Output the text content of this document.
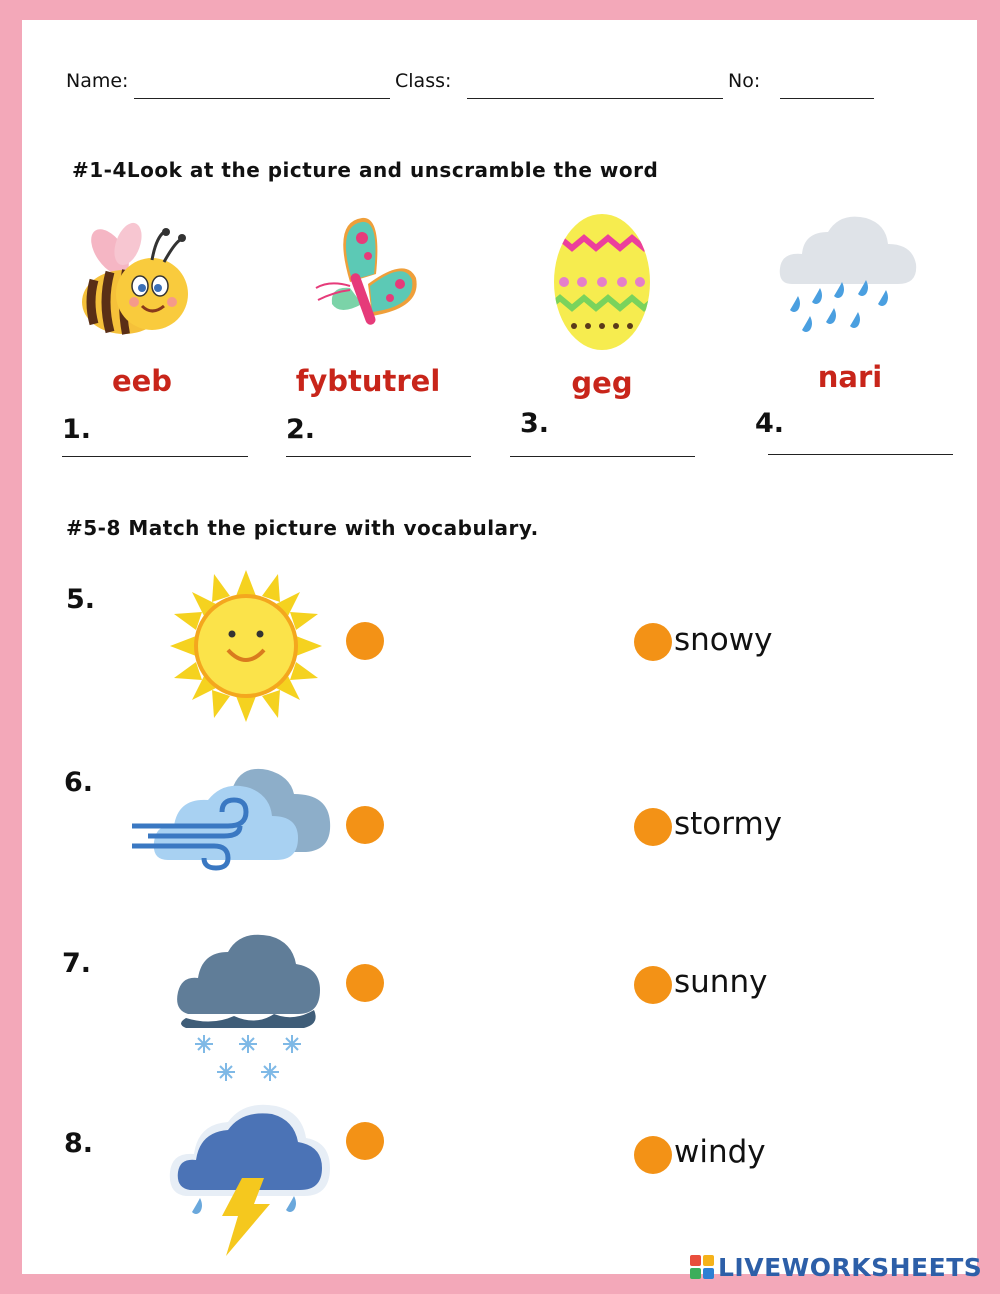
Name:	Class:	No:
#1-4Look at the picture and unscramble the word
eeb
1.
fybtutrel
2.
geg
3.
nari
4.
#5-8 Match the picture with vocabulary.
5.
6.
7.
8.
snowy
stormy
sunny
windy
LIVEWORKSHEETS
